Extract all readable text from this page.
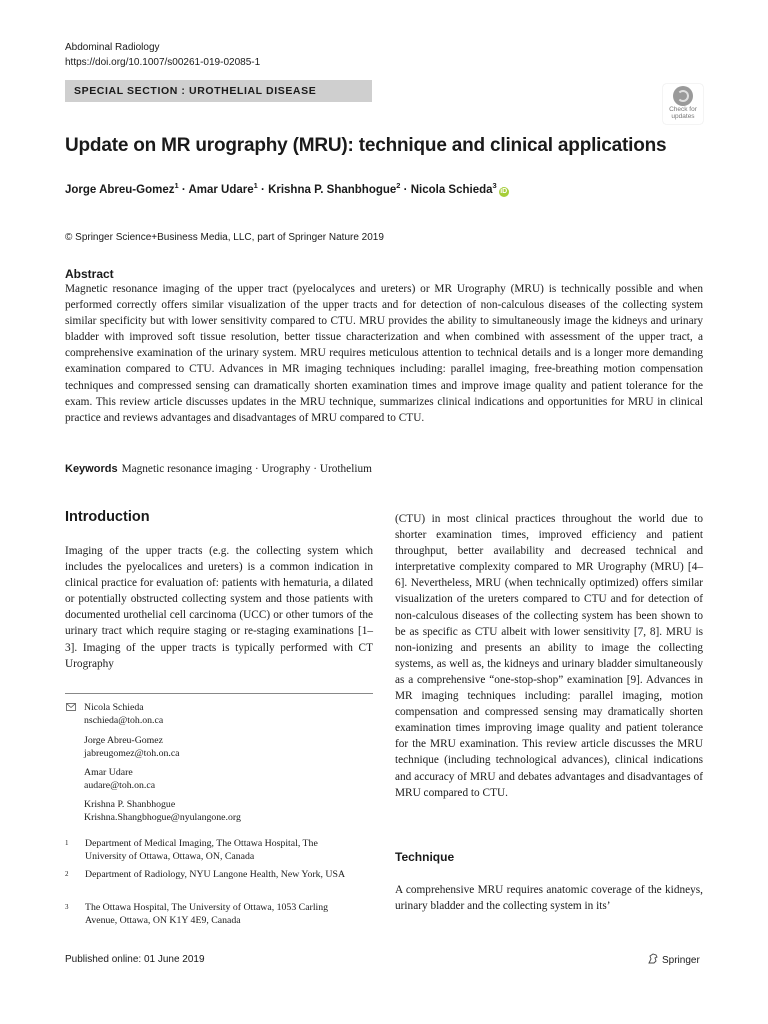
Abdominal Radiology
https://doi.org/10.1007/s00261-019-02085-1
SPECIAL SECTION : UROTHELIAL DISEASE
Check for
updates
Update on MR urography (MRU): technique and clinical applications
Jorge Abreu-Gomez$^1$ · Amar Udare$^1$ · Krishna P. Shanbhogue$^2$ · Nicola Schieda$^3$iD
© Springer Science+Business Media, LLC, part of Springer Nature 2019
Abstract
Magnetic resonance imaging of the upper tract (pyelocalyces and ureters) or MR Urography (MRU) is technically possible and when performed correctly offers similar visualization of the upper tracts and for detection of non-calculous diseases of the collecting system similar specificity but with lower sensitivity compared to CTU. MRU provides the ability to simultaneously image the kidneys and urinary bladder with improved soft tissue resolution, better tissue characterization and when combined with assessment of the upper tract, a comprehensive examination of the urinary system. MRU requires meticulous attention to technical details and is a longer more demanding examination compared to CTU. Advances in MR imaging techniques including: parallel imaging, free-breathing motion compensation techniques and compressed sensing can dramatically shorten examination times and improve image quality and patient tolerance for the exam. This review article discusses updates in the MRU technique, summarizes clinical indications and opportunities for MRU in clinical practice and reviews advantages and disadvantages of MRU compared to CTU.
Keywords Magnetic resonance imaging · Urography · Urothelium
Introduction
Imaging of the upper tracts (e.g. the collecting system which includes the pyelocalices and ureters) is a common indication in clinical practice for evaluation of: patients with hematuria, a dilated or potentially obstructed collecting system and those patients with documented urothelial cell carcinoma (UCC) or other tumors of the urinary tract which require staging or re-staging examinations [1–3]. Imaging of the upper tracts is typically performed with CT Urography
(CTU) in most clinical practices throughout the world due to shorter examination times, improved efficiency and patient throughput, better availability and decreased technical and interpretative complexity compared to MR Urography (MRU) [4–6]. Nevertheless, MRU (when technically optimized) offers similar visualization of the ureters compared to CTU and for detection of non-calculous diseases of the collecting system has been shown to be as specific as CTU albeit with lower sensitivity [7, 8]. MRU is non-ionizing and presents an ability to image the collecting systems, as well as, the kidneys and urinary bladder simultaneously as a comprehensive “one-stop-shop” examination [9]. Advances in MR imaging techniques including: parallel imaging, motion compensation and compressed sensing may dramatically shorten examination times improving image quality and patient tolerance for the MRU examination. This review article discusses the MRU technique (including technological advances), clinical indications and accuracy of MRU and debates advantages and disadvantages of MRU compared to CTU.
Technique
A comprehensive MRU requires anatomic coverage of the kidneys, urinary bladder and the collecting system in its’
Nicola Schieda
nschieda@toh.on.ca
Jorge Abreu-Gomez
jabreugomez@toh.on.ca
Amar Udare
audare@toh.on.ca
Krishna P. Shanbhogue
Krishna.Shangbhogue@nyulangone.org
1 Department of Medical Imaging, The Ottawa Hospital, The University of Ottawa, Ottawa, ON, Canada
2 Department of Radiology, NYU Langone Health, New York, USA
3 The Ottawa Hospital, The University of Ottawa, 1053 Carling Avenue, Ottawa, ON K1Y 4E9, Canada
Published online: 01 June 2019	Springer
